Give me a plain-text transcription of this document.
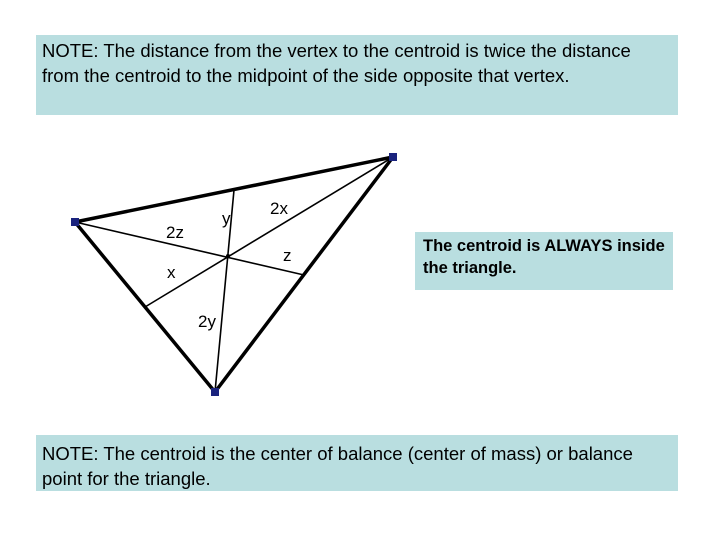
NOTE: The distance from the vertex to the centroid is twice the distance from the centroid to the midpoint of the side opposite that vertex.
2z
y
2x
z
x
2y
The centroid is ALWAYS inside the triangle.
NOTE: The centroid is the center of balance (center of mass) or balance point for the triangle.
